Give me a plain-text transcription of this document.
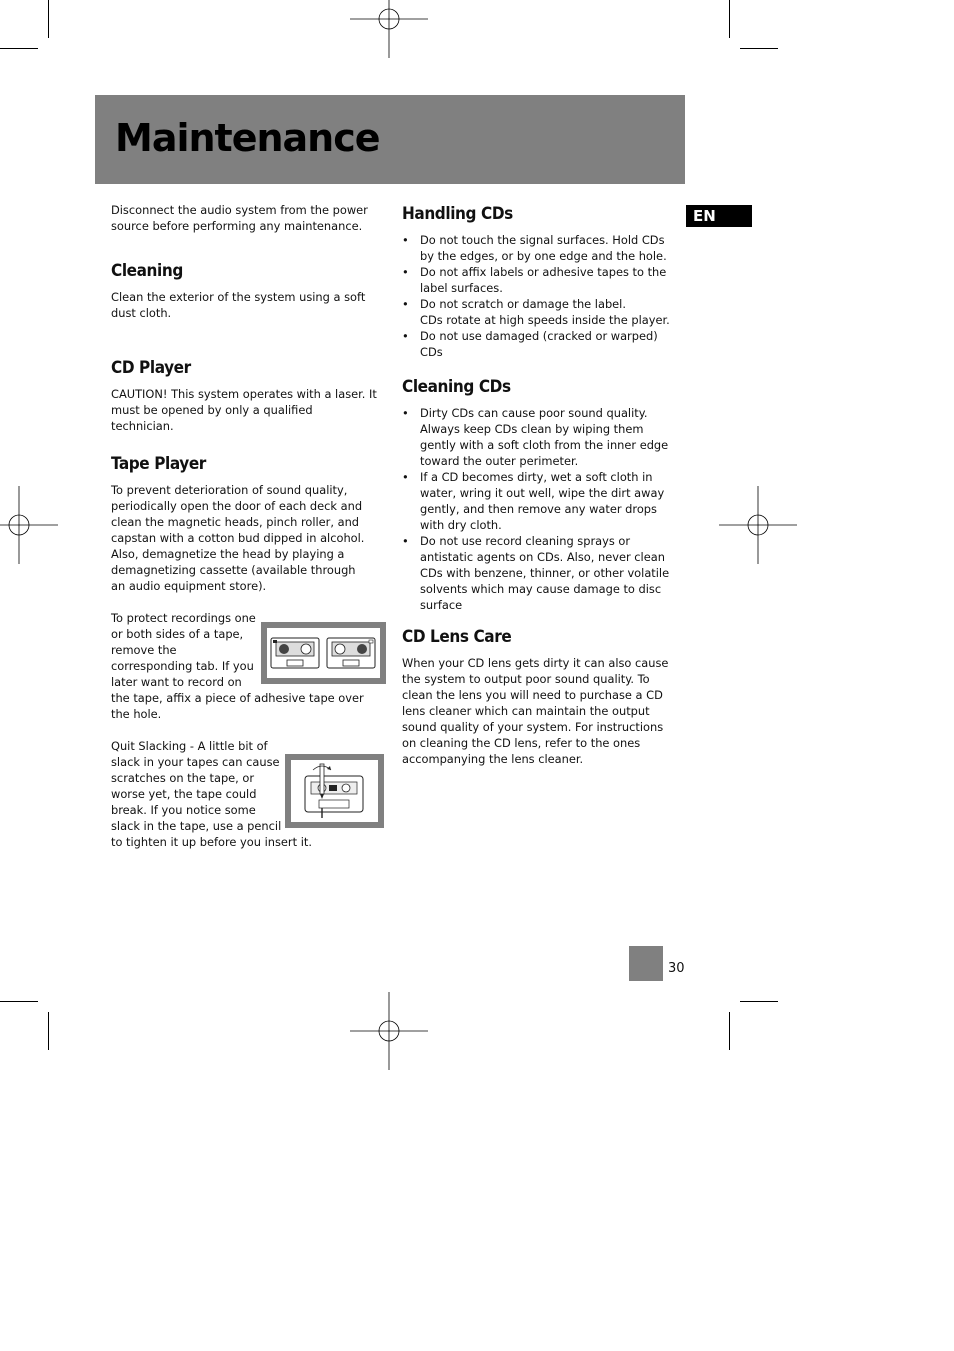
Maintenance
EN

Disconnect the audio system from the power source before performing any maintenance.

Cleaning

Clean the exterior of the system using a soft dust cloth.

CD Player

CAUTION! This system operates with a laser. It must be opened by only a qualified technician.

Tape Player

To prevent deterioration of sound quality, periodically open the door of each deck and clean the magnetic heads, pinch roller, and capstan with a cotton bud dipped in alcohol. Also, demagnetize the head by playing a demagnetizing cassette (available through an audio equipment store).

To protect recordings one
or both sides of a tape,
remove the
corresponding tab. If you
later want to record on
the tape, affix a piece of adhesive tape over the hole.
Quit Slacking - A little bit of
slack in your tapes can cause
scratches on the tape, or
worse yet, the tape could
break. If you notice some
slack in the tape, use a pencil
to tighten it up before you insert it.
Handling CDs
• Do not touch the signal surfaces. Hold CDs by the edges, or by one edge and the hole.
• Do not affix labels or adhesive tapes to the label surfaces.
• Do not scratch or damage the label.
CDs rotate at high speeds inside the player.
• Do not use damaged (cracked or warped) CDs
Cleaning CDs
• Dirty CDs can cause poor sound quality. Always keep CDs clean by wiping them gently with a soft cloth from the inner edge toward the outer perimeter.
• If a CD becomes dirty, wet a soft cloth in water, wring it out well, wipe the dirt away gently, and then remove any water drops with dry cloth.
• Do not use record cleaning sprays or antistatic agents on CDs. Also, never clean CDs with benzene, thinner, or other volatile solvents which may cause damage to disc surface
CD Lens Care

When your CD lens gets dirty it can also cause the system to output poor sound quality. To clean the lens you will need to purchase a CD lens cleaner which can maintain the output sound quality of your system. For instructions on cleaning the CD lens, refer to the ones accompanying the lens cleaner.

30
